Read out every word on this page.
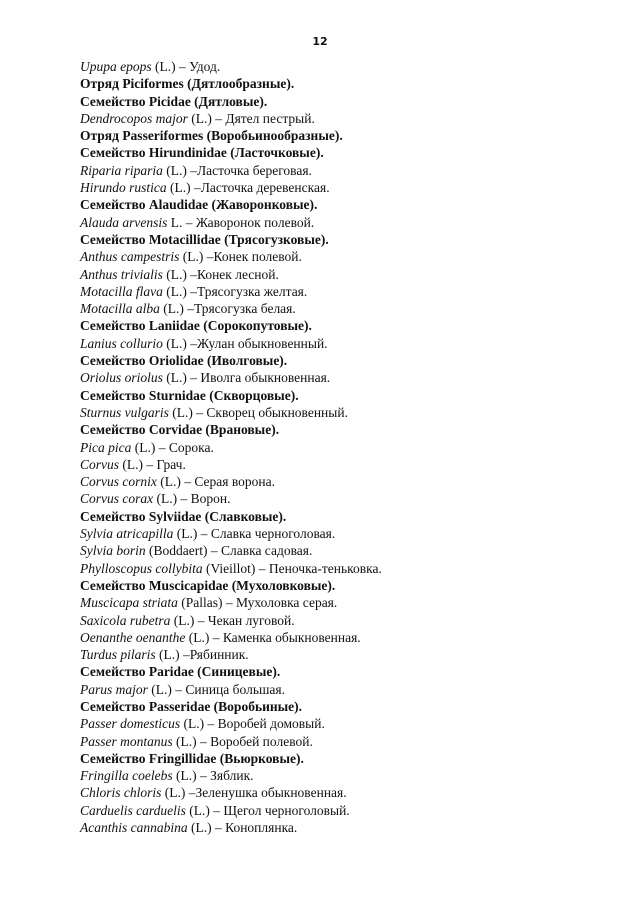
12
Upupa epops (L.) – Удод.
Отряд Piciformes (Дятлообразные).
Семейство Picidae (Дятловые).
Dendrocopos major (L.) – Дятел пестрый.
Отряд Passeriformes (Воробьинообразные).
Семейство Hirundinidae (Ласточковые).
Riparia riparia (L.) –Ласточка береговая.
Hirundo rustica (L.) –Ласточка деревенская.
Семейство Alaudidae (Жаворонковые).
Alauda arvensis L. – Жаворонок полевой.
Семейство Motacillidae (Трясогузковые).
Anthus campestris (L.) –Конек полевой.
Anthus trivialis (L.) –Конек лесной.
Motacilla flava (L.) –Трясогузка желтая.
Motacilla alba (L.) –Трясогузка белая.
Семейство Laniidae (Сорокопутовые).
Lanius collurio (L.) –Жулан обыкновенный.
Семейство Oriolidae (Иволговые).
Oriolus oriolus (L.) – Иволга обыкновенная.
Семейство Sturnidae (Скворцовые).
Sturnus vulgaris (L.) – Скворец обыкновенный.
Семейство Corvidae (Врановые).
Pica pica (L.) – Сорока.
Corvus (L.) – Грач.
Corvus cornix (L.) – Серая ворона.
Corvus corax (L.) – Ворон.
Семейство Sylviidae (Славковые).
Sylvia atricapilla (L.) – Славка черноголовая.
Sylvia borin (Boddaert) – Славка садовая.
Phylloscopus collybita (Vieillot) – Пеночка-теньковка.
Семейство Muscicapidae (Мухоловковые).
Muscicapa striata (Pallas) – Мухоловка серая.
Saxicola rubetra (L.) – Чекан луговой.
Oenanthe oenanthe (L.) – Каменка обыкновенная.
Turdus pilaris (L.) –Рябинник.
Семейство Paridae (Синицевые).
Parus major (L.) – Синица большая.
Семейство Passeridae (Воробьиные).
Passer domesticus (L.) – Воробей домовый.
Passer montanus (L.) – Воробей полевой.
Семейство Fringillidae (Вьюрковые).
Fringilla coelebs (L.) – Зяблик.
Chloris chloris (L.) –Зеленушка обыкновенная.
Carduelis carduelis (L.) – Щегол черноголовый.
Acanthis cannabina (L.) – Коноплянка.
